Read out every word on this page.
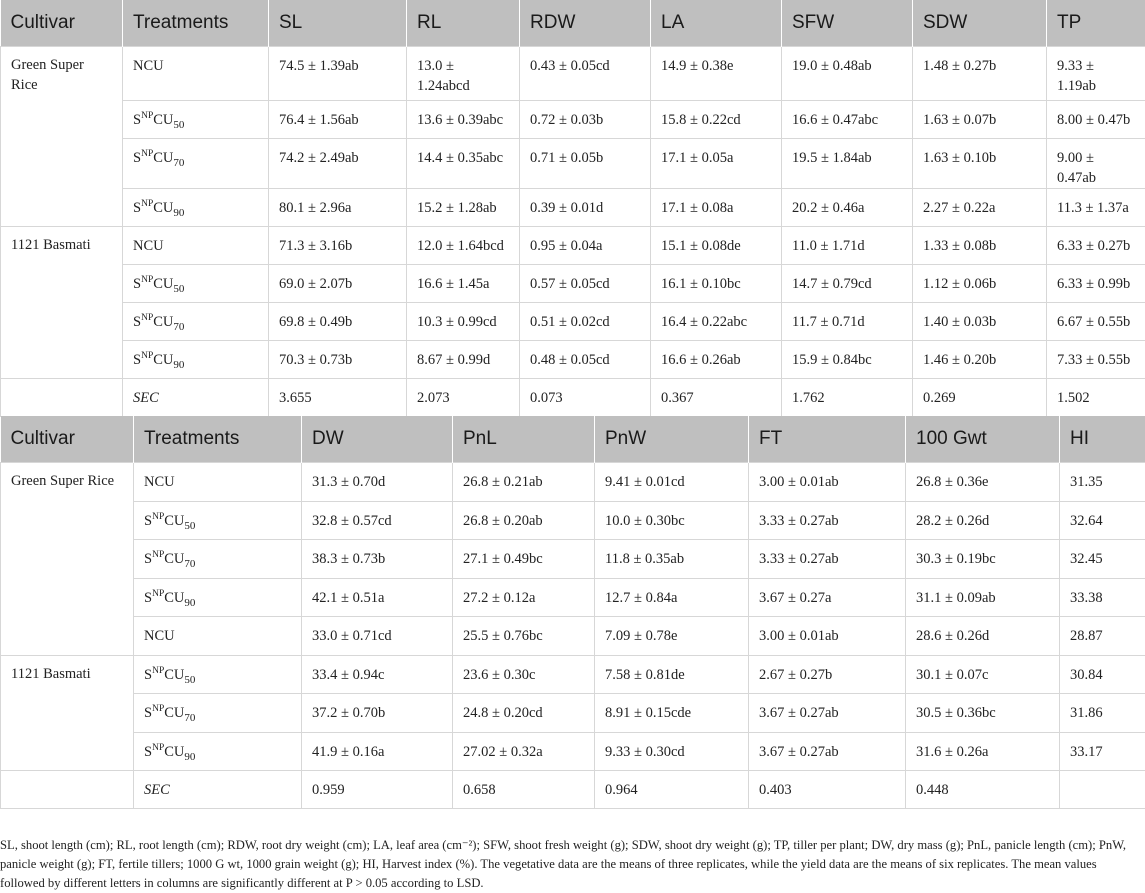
Cultivar	Treatments	SL	RL	RDW	LA	SFW	SDW	TP
Green Super Rice	NCU	74.5 ± 1.39ab	13.0 ± 1.24abcd	0.43 ± 0.05cd	14.9 ± 0.38e	19.0 ± 0.48ab	1.48 ± 0.27b	9.33 ± 1.19ab
	$S^{NP}CU_{50}$	76.4 ± 1.56ab	13.6 ± 0.39abc	0.72 ± 0.03b	15.8 ± 0.22cd	16.6 ± 0.47abc	1.63 ± 0.07b	8.00 ± 0.47b
	$S^{NP}CU_{70}$	74.2 ± 2.49ab	14.4 ± 0.35abc	0.71 ± 0.05b	17.1 ± 0.05a	19.5 ± 1.84ab	1.63 ± 0.10b	9.00 ± 0.47ab
	$S^{NP}CU_{90}$	80.1 ± 2.96a	15.2 ± 1.28ab	0.39 ± 0.01d	17.1 ± 0.08a	20.2 ± 0.46a	2.27 ± 0.22a	11.3 ± 1.37a
1121 Basmati	NCU	71.3 ± 3.16b	12.0 ± 1.64bcd	0.95 ± 0.04a	15.1 ± 0.08de	11.0 ± 1.71d	1.33 ± 0.08b	6.33 ± 0.27b
	$S^{NP}CU_{50}$	69.0 ± 2.07b	16.6 ± 1.45a	0.57 ± 0.05cd	16.1 ± 0.10bc	14.7 ± 0.79cd	1.12 ± 0.06b	6.33 ± 0.99b
	$S^{NP}CU_{70}$	69.8 ± 0.49b	10.3 ± 0.99cd	0.51 ± 0.02cd	16.4 ± 0.22abc	11.7 ± 0.71d	1.40 ± 0.03b	6.67 ± 0.55b
	$S^{NP}CU_{90}$	70.3 ± 0.73b	8.67 ± 0.99d	0.48 ± 0.05cd	16.6 ± 0.26ab	15.9 ± 0.84bc	1.46 ± 0.20b	7.33 ± 0.55b
	SEC	3.655	2.073	0.073	0.367	1.762	0.269	1.502
Cultivar	Treatments	DW	PnL	PnW	FT	100 Gwt	HI
Green Super Rice	NCU	31.3 ± 0.70d	26.8 ± 0.21ab	9.41 ± 0.01cd	3.00 ± 0.01ab	26.8 ± 0.36e	31.35
	$S^{NP}CU_{50}$	32.8 ± 0.57cd	26.8 ± 0.20ab	10.0 ± 0.30bc	3.33 ± 0.27ab	28.2 ± 0.26d	32.64
	$S^{NP}CU_{70}$	38.3 ± 0.73b	27.1 ± 0.49bc	11.8 ± 0.35ab	3.33 ± 0.27ab	30.3 ± 0.19bc	32.45
	$S^{NP}CU_{90}$	42.1 ± 0.51a	27.2 ± 0.12a	12.7 ± 0.84a	3.67 ± 0.27a	31.1 ± 0.09ab	33.38
	NCU	33.0 ± 0.71cd	25.5 ± 0.76bc	7.09 ± 0.78e	3.00 ± 0.01ab	28.6 ± 0.26d	28.87
1121 Basmati	$S^{NP}CU_{50}$	33.4 ± 0.94c	23.6 ± 0.30c	7.58 ± 0.81de	2.67 ± 0.27b	30.1 ± 0.07c	30.84
	$S^{NP}CU_{70}$	37.2 ± 0.70b	24.8 ± 0.20cd	8.91 ± 0.15cde	3.67 ± 0.27ab	30.5 ± 0.36bc	31.86
	$S^{NP}CU_{90}$	41.9 ± 0.16a	27.02 ± 0.32a	9.33 ± 0.30cd	3.67 ± 0.27ab	31.6 ± 0.26a	33.17
	SEC	0.959	0.658	0.964	0.403	0.448	
SL, shoot length (cm); RL, root length (cm); RDW, root dry weight (cm); LA, leaf area (cm⁻²); SFW, shoot fresh weight (g); SDW, shoot dry weight (g); TP, tiller per plant; DW, dry mass (g); PnL, panicle length (cm); PnW, panicle weight (g); FT, fertile tillers; 1000 G wt, 1000 grain weight (g); HI, Harvest index (%). The vegetative data are the means of three replicates, while the yield data are the means of six replicates. The mean values followed by different letters in columns are significantly different at P > 0.05 according to LSD.
